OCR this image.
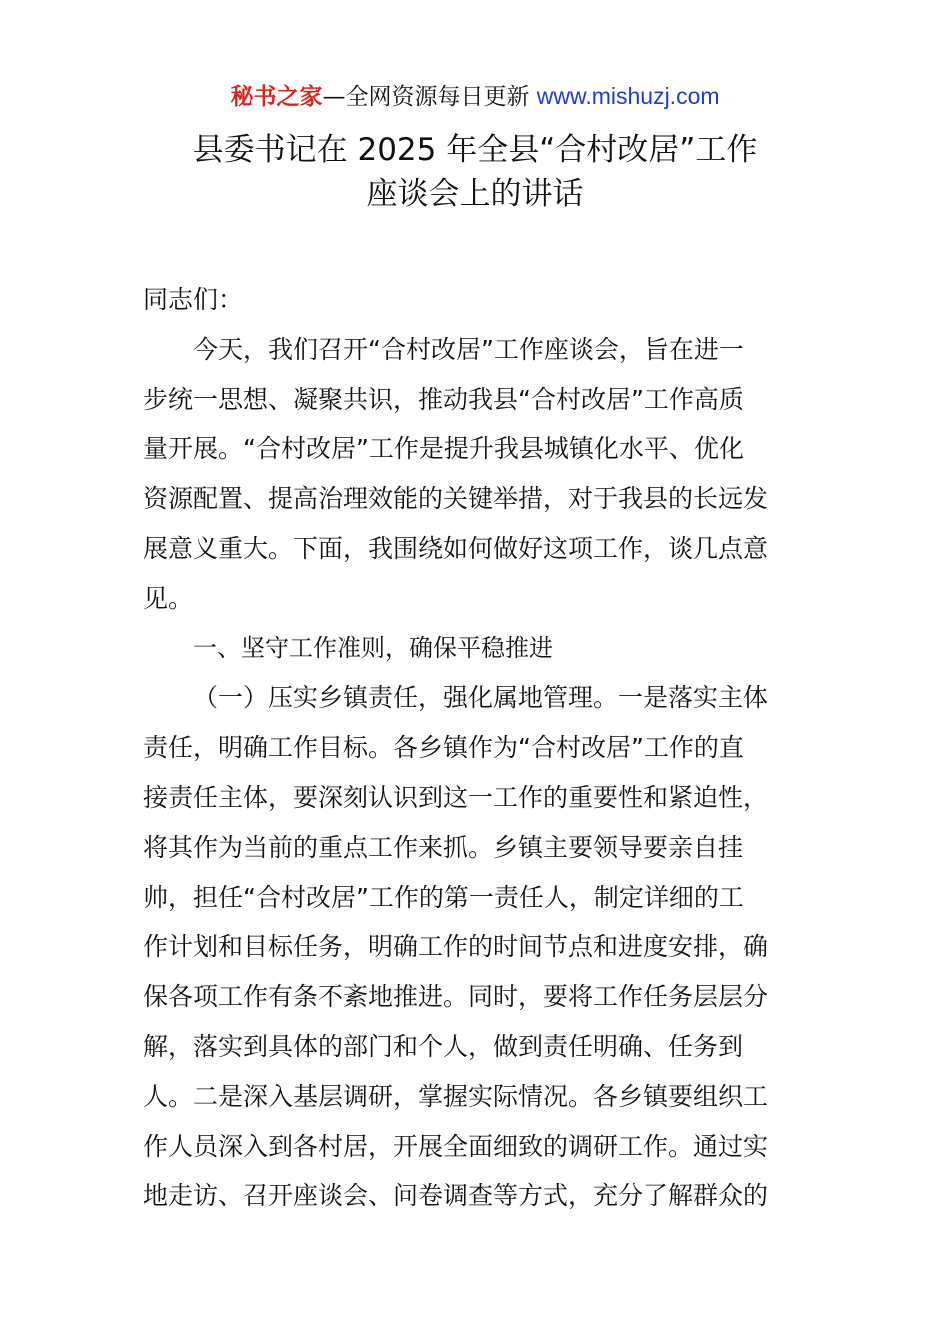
秘书之家—全网资源每日更新 www.mishuzj.com
县委书记在 2025 年全县“合村改居”工作
座谈会上的讲话

同志们：

今天，我们召开“合村改居”工作座谈会，旨在进一
步统一思想、凝聚共识，推动我县“合村改居”工作高质
量开展。“合村改居”工作是提升我县城镇化水平、优化
资源配置、提高治理效能的关键举措，对于我县的长远发
展意义重大。下面，我围绕如何做好这项工作，谈几点意
见。

一、坚守工作准则，确保平稳推进

（一）压实乡镇责任，强化属地管理。一是落实主体
责任，明确工作目标。各乡镇作为“合村改居”工作的直
接责任主体，要深刻认识到这一工作的重要性和紧迫性，
将其作为当前的重点工作来抓。乡镇主要领导要亲自挂
帅，担任“合村改居”工作的第一责任人，制定详细的工
作计划和目标任务，明确工作的时间节点和进度安排，确
保各项工作有条不紊地推进。同时，要将工作任务层层分
解，落实到具体的部门和个人，做到责任明确、任务到
人。二是深入基层调研，掌握实际情况。各乡镇要组织工
作人员深入到各村居，开展全面细致的调研工作。通过实
地走访、召开座谈会、问卷调查等方式，充分了解群众的
